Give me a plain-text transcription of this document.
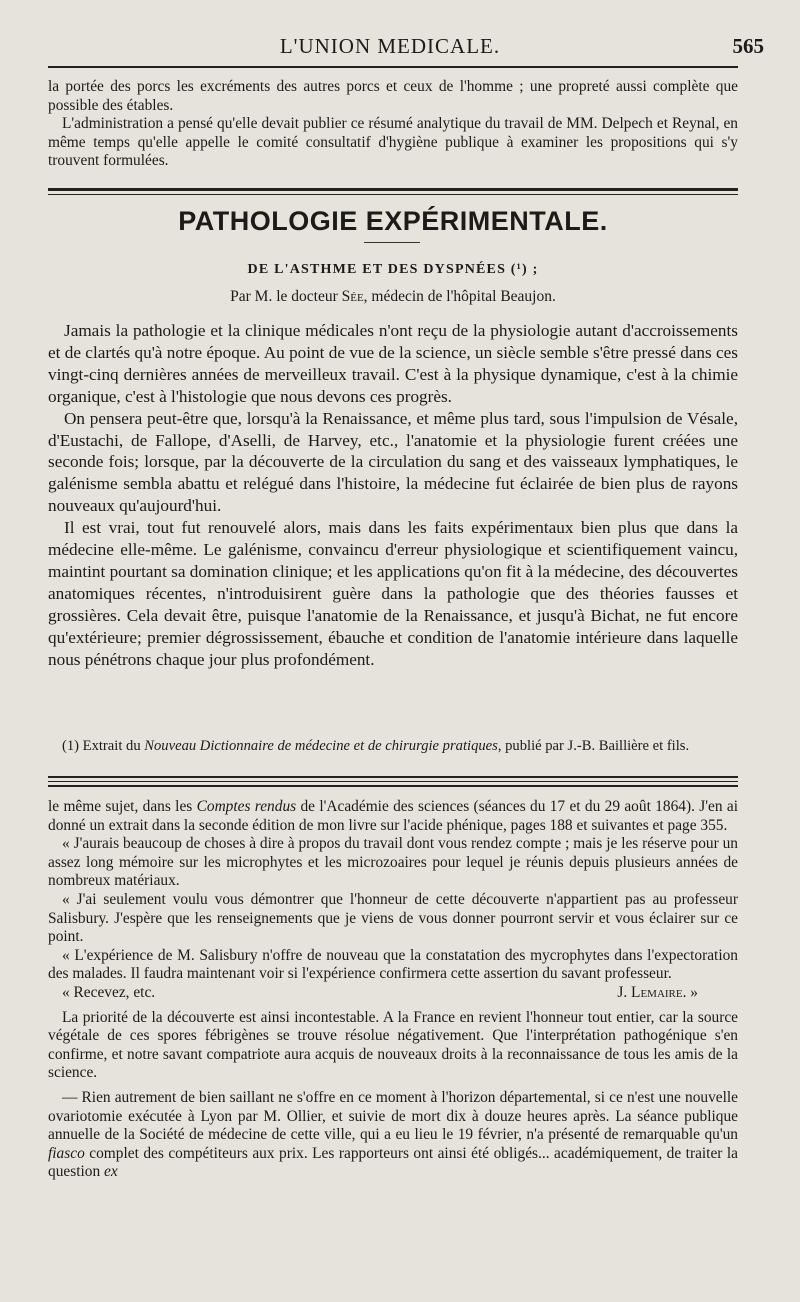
L'UNION MEDICALE.	565

la portée des porcs les excréments des autres porcs et ceux de l'homme ; une propreté aussi complète que possible des étables.

L'administration a pensé qu'elle devait publier ce résumé analytique du travail de MM. Delpech et Reynal, en même temps qu'elle appelle le comité consultatif d'hygiène publique à examiner les propositions qui s'y trouvent formulées.

PATHOLOGIE EXPÉRIMENTALE.
DE L'ASTHME ET DES DYSPNÉES (¹) ;
Par M. le docteur Sée, médecin de l'hôpital Beaujon.

Jamais la pathologie et la clinique médicales n'ont reçu de la physiologie autant d'accroissements et de clartés qu'à notre époque. Au point de vue de la science, un siècle semble s'être pressé dans ces vingt-cinq dernières années de merveilleux travail. C'est à la physique dynamique, c'est à la chimie organique, c'est à l'histologie que nous devons ces progrès.

On pensera peut-être que, lorsqu'à la Renaissance, et même plus tard, sous l'impulsion de Vésale, d'Eustachi, de Fallope, d'Aselli, de Harvey, etc., l'anatomie et la physiologie furent créées une seconde fois; lorsque, par la découverte de la circulation du sang et des vaisseaux lymphatiques, le galénisme sembla abattu et relégué dans l'histoire, la médecine fut éclairée de bien plus de rayons nouveaux qu'aujourd'hui.

Il est vrai, tout fut renouvelé alors, mais dans les faits expérimentaux bien plus que dans la médecine elle-même. Le galénisme, convaincu d'erreur physiologique et scientifiquement vaincu, maintint pourtant sa domination clinique; et les applications qu'on fit à la médecine, des découvertes anatomiques récentes, n'introduisirent guère dans la pathologie que des théories fausses et grossières. Cela devait être, puisque l'anatomie de la Renaissance, et jusqu'à Bichat, ne fut encore qu'extérieure; premier dégrossissement, ébauche et condition de l'anatomie intérieure dans laquelle nous pénétrons chaque jour plus profondément.

(1) Extrait du Nouveau Dictionnaire de médecine et de chirurgie pratiques, publié par J.-B. Baillière et fils.

le même sujet, dans les Comptes rendus de l'Académie des sciences (séances du 17 et du 29 août 1864). J'en ai donné un extrait dans la seconde édition de mon livre sur l'acide phénique, pages 188 et suivantes et page 355.

« J'aurais beaucoup de choses à dire à propos du travail dont vous rendez compte ; mais je les réserve pour un assez long mémoire sur les microphytes et les microzoaires pour lequel je réunis depuis plusieurs années de nombreux matériaux.

« J'ai seulement voulu vous démontrer que l'honneur de cette découverte n'appartient pas au professeur Salisbury. J'espère que les renseignements que je viens de vous donner pourront servir et vous éclairer sur ce point.

« L'expérience de M. Salisbury n'offre de nouveau que la constatation des mycrophytes dans l'expectoration des malades. Il faudra maintenant voir si l'expérience confirmera cette assertion du savant professeur.

« Recevez, etc.	J. Lemaire. »

La priorité de la découverte est ainsi incontestable. A la France en revient l'honneur tout entier, car la source végétale de ces spores fébrigènes se trouve résolue négativement. Que l'interprétation pathogénique s'en confirme, et notre savant compatriote aura acquis de nouveaux droits à la reconnaissance de tous les amis de la science.

— Rien autrement de bien saillant ne s'offre en ce moment à l'horizon départemental, si ce n'est une nouvelle ovariotomie exécutée à Lyon par M. Ollier, et suivie de mort dix à douze heures après. La séance publique annuelle de la Société de médecine de cette ville, qui a eu lieu le 19 février, n'a présenté de remarquable qu'un fiasco complet des compétiteurs aux prix. Les rapporteurs ont ainsi été obligés... académiquement, de traiter la question ex
